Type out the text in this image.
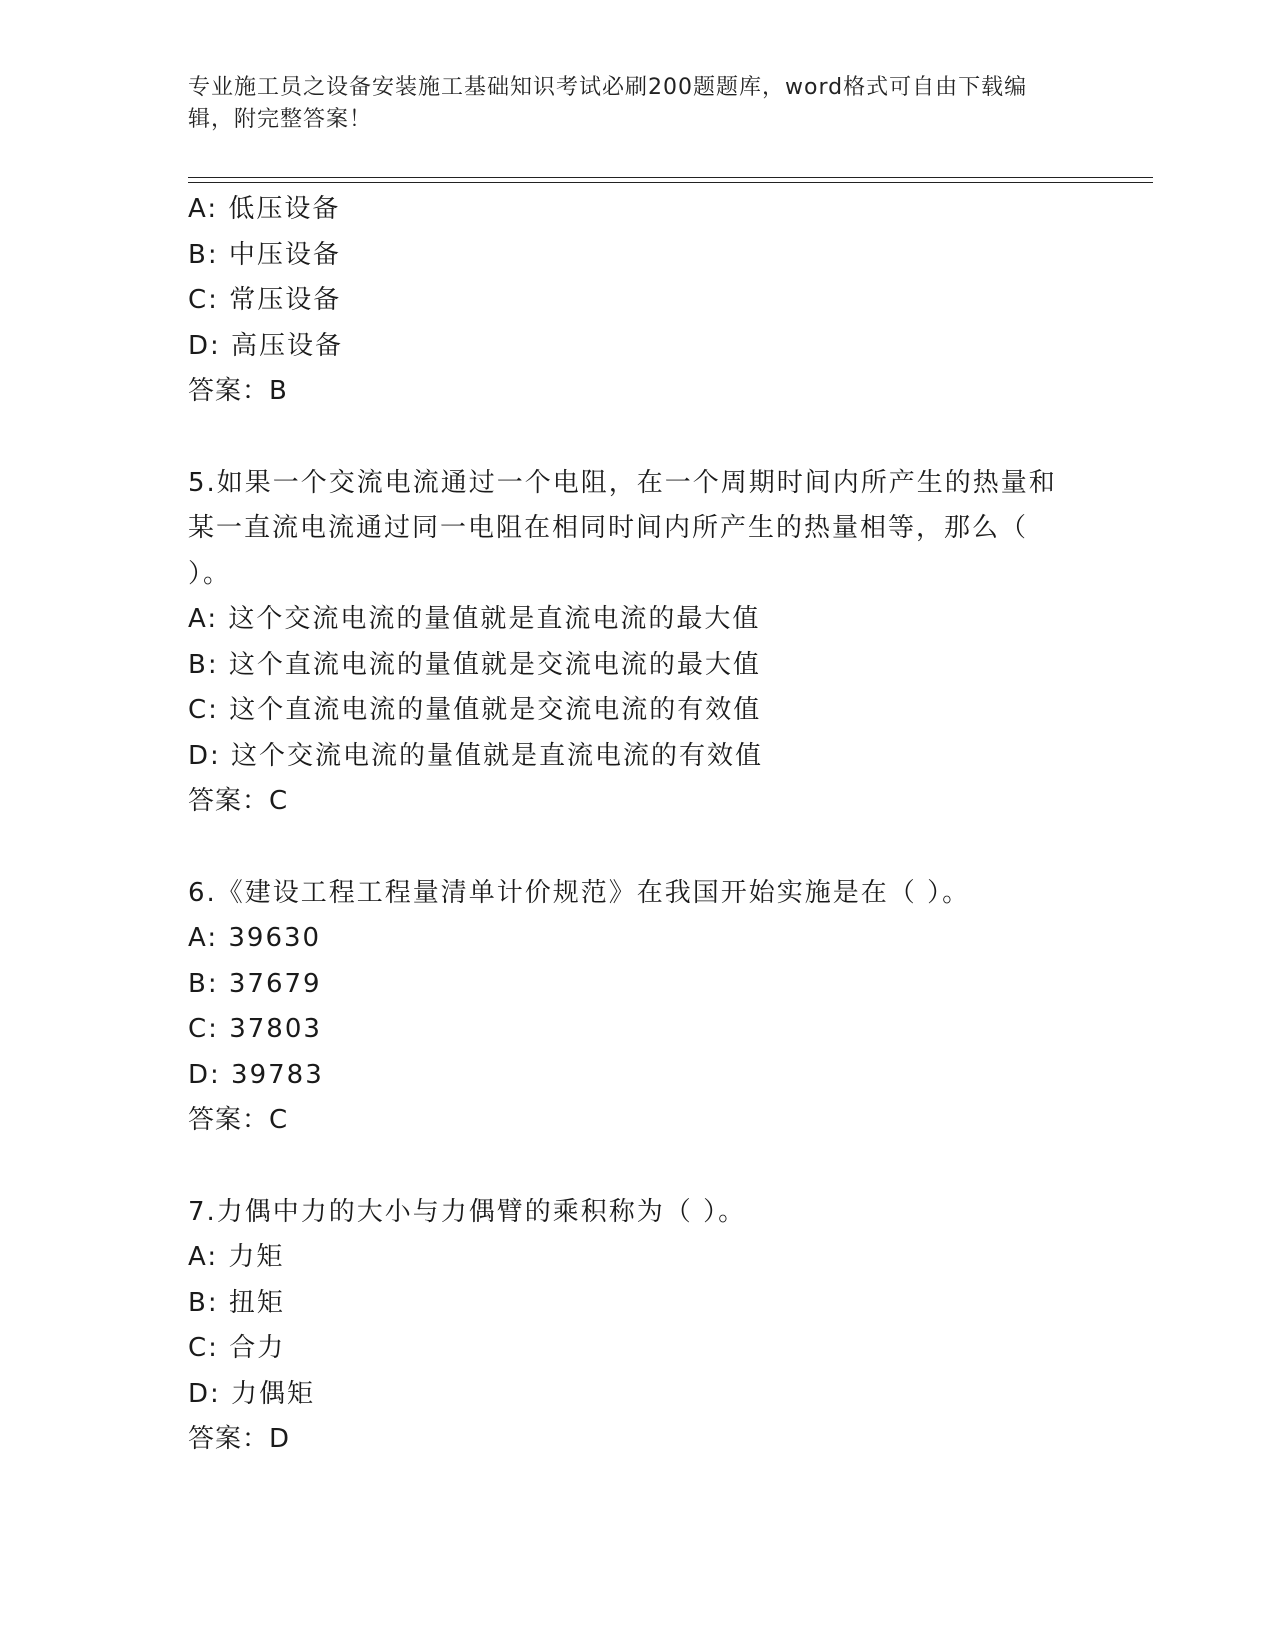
专业施工员之设备安装施工基础知识考试必刷200题题库，word格式可自由下载编辑，附完整答案！
A: 低压设备
B: 中压设备
C: 常压设备
D: 高压设备
答案：B
5.如果一个交流电流通过一个电阻，在一个周期时间内所产生的热量和某一直流电流通过同一电阻在相同时间内所产生的热量相等，那么（ ）。
A: 这个交流电流的量值就是直流电流的最大值
B: 这个直流电流的量值就是交流电流的最大值
C: 这个直流电流的量值就是交流电流的有效值
D: 这个交流电流的量值就是直流电流的有效值
答案：C
6.《建设工程工程量清单计价规范》在我国开始实施是在（ ）。
A: 39630
B: 37679
C: 37803
D: 39783
答案：C
7.力偶中力的大小与力偶臂的乘积称为（ ）。
A: 力矩
B: 扭矩
C: 合力
D: 力偶矩
答案：D
